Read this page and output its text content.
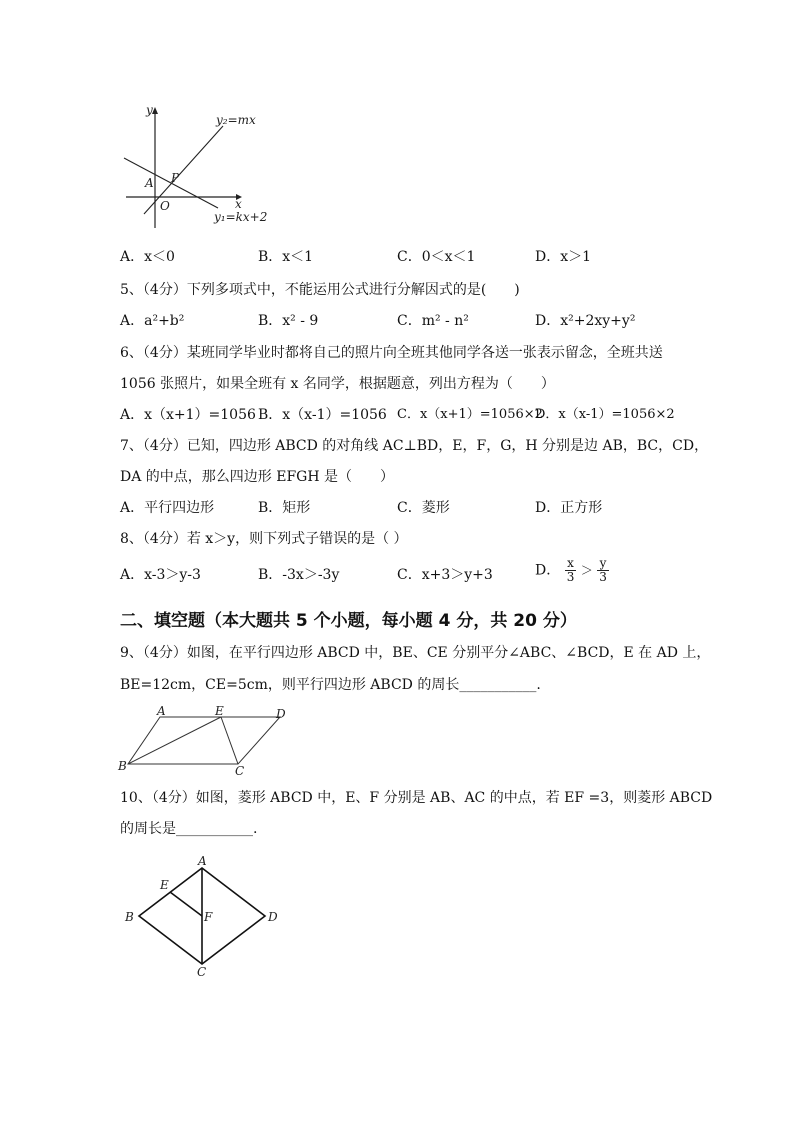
y
x
y₂=mx
y₁=kx+2
A P
O
A．x＜0	B．x＜1	C．0＜x＜1	D．x＞1
5、（4分）下列多项式中，不能运用公式进行分解因式的是(　　)
A．a²+b²	B．x² - 9	C．m² - n²	D．x²+2xy+y²
6、（4分）某班同学毕业时都将自己的照片向全班其他同学各送一张表示留念，全班共送
1056 张照片，如果全班有 x 名同学，根据题意，列出方程为（　　）
A．x（x+1）=1056 B．x（x-1）=1056 C．x（x+1）=1056×2
D．x（x-1）=1056×2
7、（4分）已知，四边形 ABCD 的对角线 AC⊥BD，E，F，G，H 分别是边 AB，BC，CD，
DA 的中点，那么四边形 EFGH 是（　　）
A．平行四边形	B．矩形	C．菱形	D．正方形
8、（4分）若 x＞y，则下列式子错误的是（ ）
A．x-3＞y-3	B．-3x＞-3y	C．x+3＞y+3	D． $\frac{x}{3} > \frac{y}{3}$
二、填空题（本大题共 5 个小题，每小题 4 分，共 20 分）
9、（4分）如图，在平行四边形 ABCD 中，BE、CE 分别平分∠ABC、∠BCD，E 在 AD 上，
BE=12cm，CE=5cm，则平行四边形 ABCD 的周长___________.
A	E	D
B	C
10、（4分）如图，菱形 ABCD 中，E、F 分别是 AB、AC 的中点，若 EF =3，则菱形 ABCD
的周长是___________.
A
E
B	F	D
C
